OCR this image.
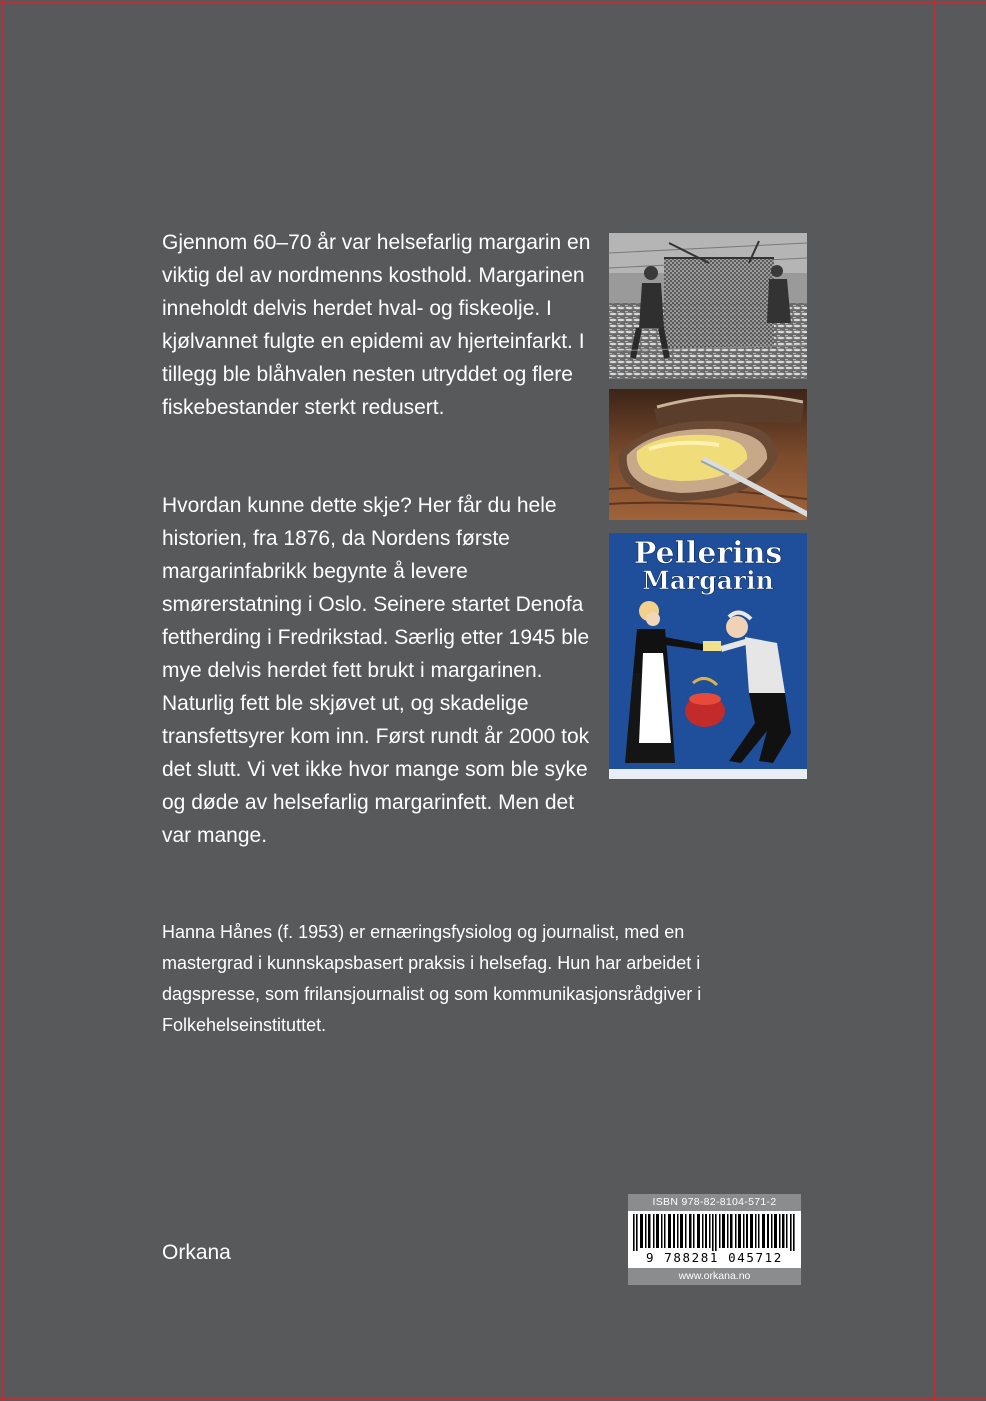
Gjennom 60–70 år var helsefarlig margarin en viktig del av nordmenns kosthold. Margarinen inneholdt delvis herdet hval- og fiskeolje. I kjølvannet fulgte en epidemi av hjerteinfarkt. I tillegg ble blåhvalen nesten utryddet og flere fiskebestander sterkt redusert.

Hvordan kunne dette skje? Her får du hele historien, fra 1876, da Nordens første margarinfabrikk begynte å levere smørerstatning i Oslo. Seinere startet Denofa fettherding i Fredrikstad. Særlig etter 1945 ble mye delvis herdet fett brukt i margarinen. Naturlig fett ble skjøvet ut, og skadelige transfettsyrer kom inn. Først rundt år 2000 tok det slutt. Vi vet ikke hvor mange som ble syke og døde av helsefarlig margarinfett. Men det var mange.

Hanna Hånes (f. 1953) er ernæringsfysiolog og journalist, med en mastergrad i kunnskapsbasert praksis i helsefag. Hun har arbeidet i dagspresse, som frilansjournalist og som kommunikasjonsrådgiver i Folkehelseinstituttet.

Orkana
Pellerins
Margarin
ISBN 978-82-8104-571-2
9 788281 045712
www.orkana.no
